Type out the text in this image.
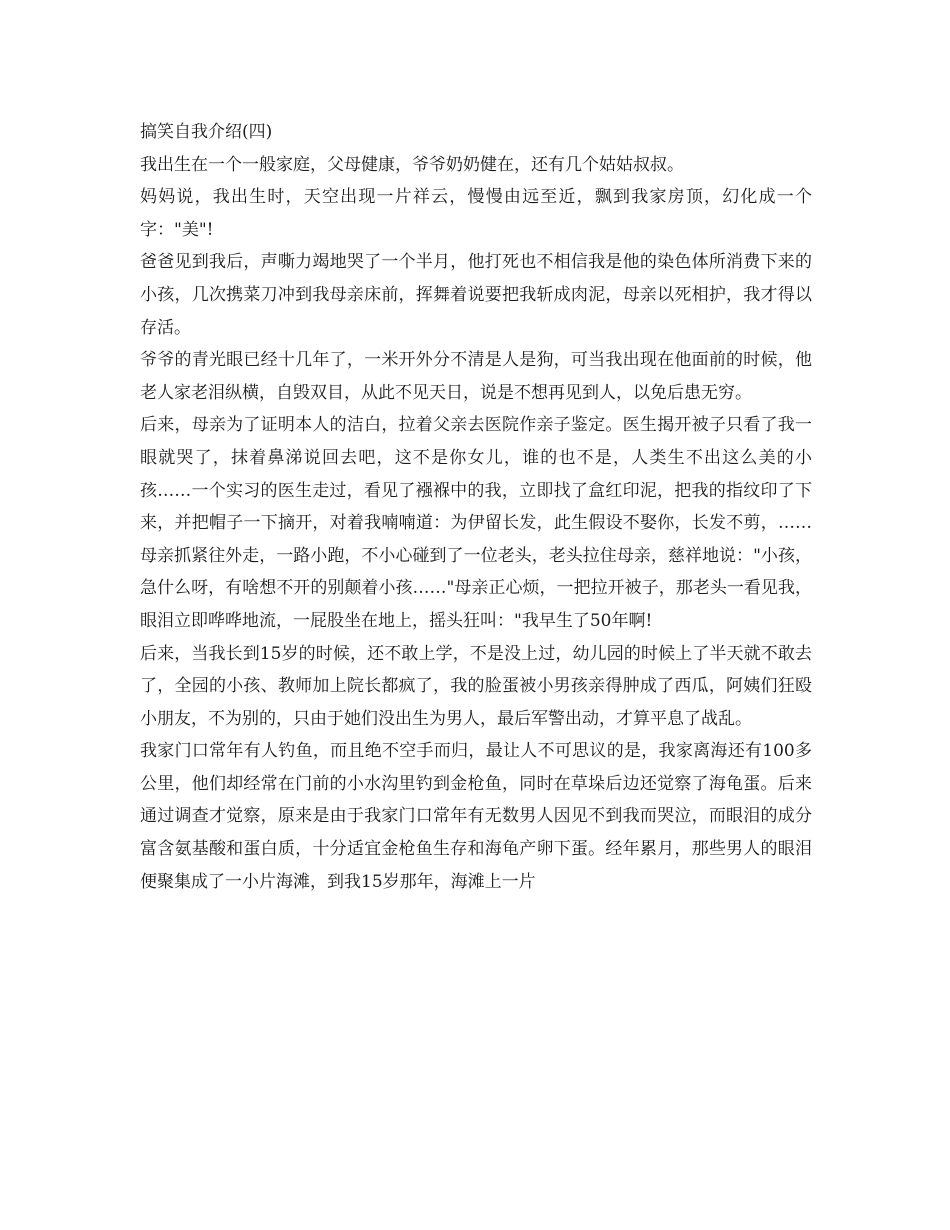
搞笑自我介绍(四)

我出生在一个一般家庭，父母健康，爷爷奶奶健在，还有几个姑姑叔叔。

妈妈说，我出生时，天空出现一片祥云，慢慢由远至近，飘到我家房顶，幻化成一个字："美"!

爸爸见到我后，声嘶力竭地哭了一个半月，他打死也不相信我是他的染色体所消费下来的小孩，几次携菜刀冲到我母亲床前，挥舞着说要把我斩成肉泥，母亲以死相护，我才得以存活。

爷爷的青光眼已经十几年了，一米开外分不清是人是狗，可当我出现在他面前的时候，他老人家老泪纵横，自毁双目，从此不见天日，说是不想再见到人，以免后患无穷。

后来，母亲为了证明本人的洁白，拉着父亲去医院作亲子鉴定。医生揭开被子只看了我一眼就哭了，抹着鼻涕说回去吧，这不是你女儿，谁的也不是，人类生不出这么美的小孩……一个实习的医生走过，看见了襁褓中的我，立即找了盒红印泥，把我的指纹印了下来，并把帽子一下摘开，对着我喃喃道：为伊留长发，此生假设不娶你，长发不剪，……母亲抓紧往外走，一路小跑，不小心碰到了一位老头，老头拉住母亲，慈祥地说："小孩，急什么呀，有啥想不开的别颠着小孩……"母亲正心烦，一把拉开被子，那老头一看见我，眼泪立即哗哗地流，一屁股坐在地上，摇头狂叫："我早生了50年啊!

后来，当我长到15岁的时候，还不敢上学，不是没上过，幼儿园的时候上了半天就不敢去了，全园的小孩、教师加上院长都疯了，我的脸蛋被小男孩亲得肿成了西瓜，阿姨们狂殴小朋友，不为别的，只由于她们没出生为男人，最后军警出动，才算平息了战乱。

我家门口常年有人钓鱼，而且绝不空手而归，最让人不可思议的是，我家离海还有100多公里，他们却经常在门前的小水沟里钓到金枪鱼，同时在草垛后边还觉察了海龟蛋。后来通过调查才觉察，原来是由于我家门口常年有无数男人因见不到我而哭泣，而眼泪的成分富含氨基酸和蛋白质，十分适宜金枪鱼生存和海龟产卵下蛋。经年累月，那些男人的眼泪便聚集成了一小片海滩，到我15岁那年，海滩上一片
